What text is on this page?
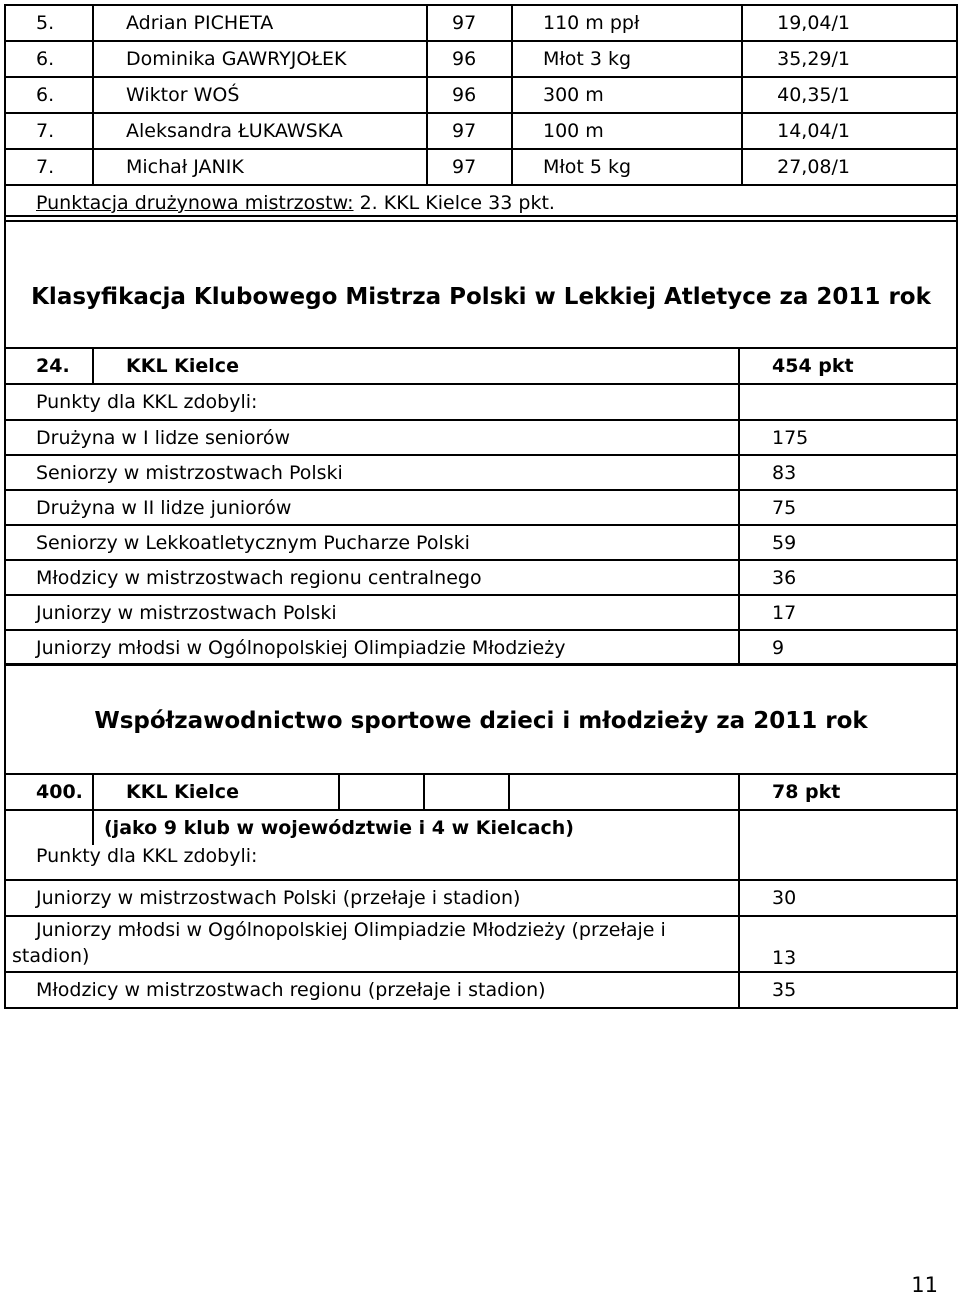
5.	Adrian PICHETA	97	110 m ppł	19,04/1
6.	Dominika GAWRYJOŁEK	96	Młot 3 kg	35,29/1
6.	Wiktor WOŚ	96	300 m	40,35/1
7.	Aleksandra ŁUKAWSKA	97	100 m	14,04/1
7.	Michał JANIK	97	Młot 5 kg	27,08/1
Punktacja drużynowa mistrzostw: 2. KKL Kielce 33 pkt.				
Klasyfikacja Klubowego Mistrza Polski w Lekkiej Atletyce za 2011 rok		
24.	KKL Kielce	454 pkt
Punkty dla KKL zdobyli:		
Drużyna w I lidze seniorów		175
Seniorzy w mistrzostwach Polski		83
Drużyna w II lidze juniorów		75
Seniorzy w Lekkoatletycznym Pucharze Polski		59
Młodzicy w mistrzostwach regionu centralnego		36
Juniorzy w mistrzostwach Polski		17
Juniorzy młodsi w Ogólnopolskiej Olimpiadzie Młodzieży		9
Współzawodnictwo sportowe dzieci i młodzieży za 2011 rok					
400.	KKL Kielce				78 pkt
	(jako 9 klub w województwie i 4 w Kielcach)				
Punkty dla KKL zdobyli:					
Juniorzy w mistrzostwach Polski (przełaje i stadion)					30

Juniorzy młodsi w Ogólnopolskiej Olimpiadzie Młodzieży (przełaje i
stadion)					13
Młodzicy w mistrzostwach regionu (przełaje i stadion)					35
11
